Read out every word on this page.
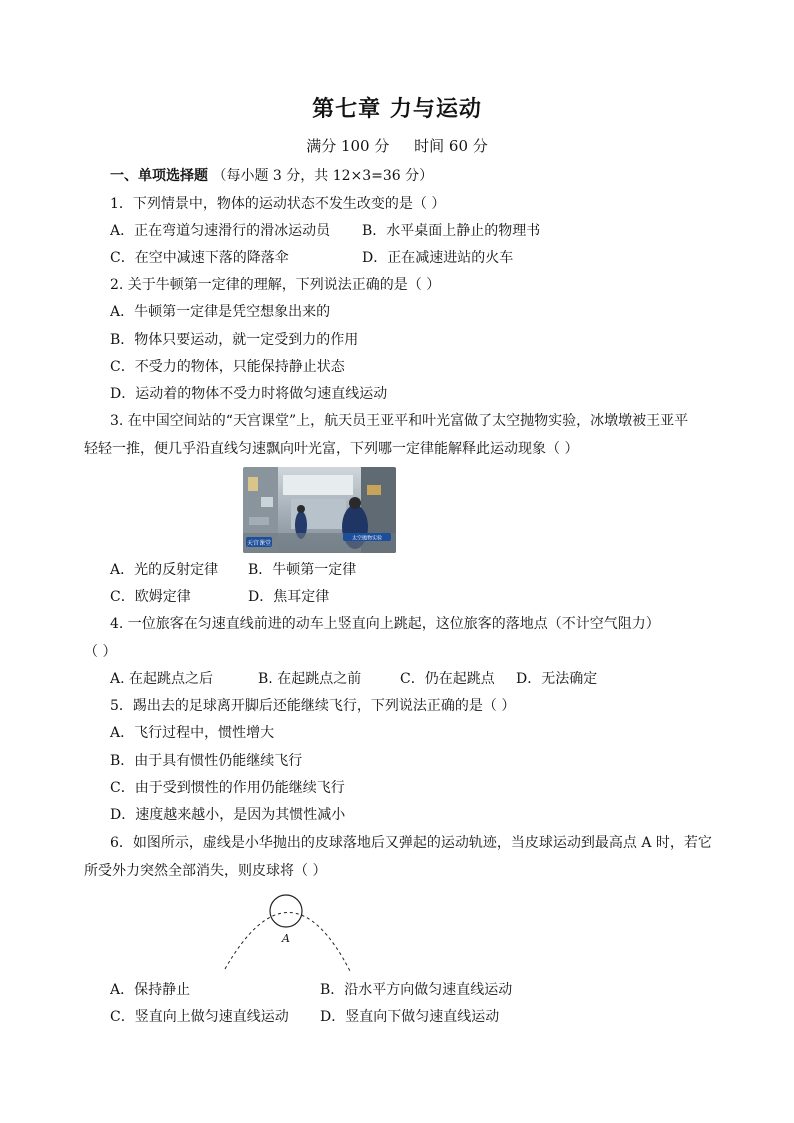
第七章 力与运动
满分 100 分 时间 60 分
一、单项选择题 （每小题 3 分，共 12×3=36 分）
1．下列情景中，物体的运动状态不发生改变的是（ ）
A．正在弯道匀速滑行的滑冰运动员 B．水平桌面上静止的物理书
C．在空中减速下落的降落伞	D．正在减速进站的火车
2. 关于牛顿第一定律的理解，下列说法正确的是（ ）
A．牛顿第一定律是凭空想象出来的
B．物体只要运动，就一定受到力的作用
C．不受力的物体，只能保持静止状态
D．运动着的物体不受力时将做匀速直线运动
3. 在中国空间站的“天宫课堂”上，航天员王亚平和叶光富做了太空抛物实验，冰墩墩被王亚平
轻轻一推，便几乎沿直线匀速飘向叶光富，下列哪一定律能解释此运动现象（ ）
天宫课堂
太空抛物实验
A．光的反射定律 B．牛顿第一定律
C．欧姆定律	D．焦耳定律
4. 一位旅客在匀速直线前进的动车上竖直向上跳起，这位旅客的落地点（不计空气阻力）
（ ）
A. 在起跳点之后	B. 在起跳点之前	C．仍在起跳点 D．无法确定
5．踢出去的足球离开脚后还能继续飞行，下列说法正确的是（ ）
A．飞行过程中，惯性增大
B．由于具有惯性仍能继续飞行
C．由于受到惯性的作用仍能继续飞行
D．速度越来越小，是因为其惯性减小
6．如图所示，虚线是小华抛出的皮球落地后又弹起的运动轨迹，当皮球运动到最高点 A 时，若它
所受外力突然全部消失，则皮球将（ ）
A
A．保持静止	B．沿水平方向做匀速直线运动
C．竖直向上做匀速直线运动 D．竖直向下做匀速直线运动
